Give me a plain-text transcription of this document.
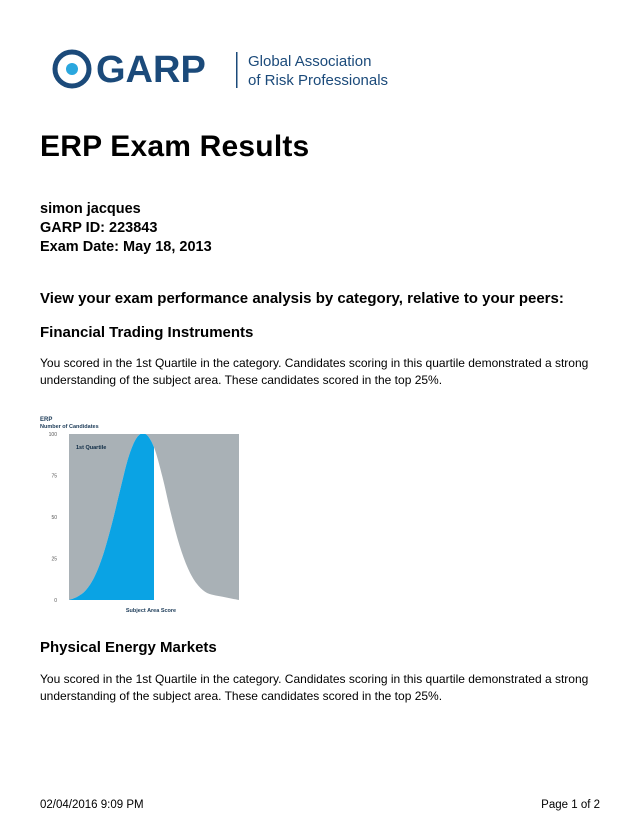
GARP	Global Association
of Risk Professionals
ERP Exam Results
simon jacques
GARP ID: 223843
Exam Date: May 18, 2013
View your exam performance analysis by category, relative to your peers:
Financial Trading Instruments
You scored in the 1st Quartile in the category. Candidates scoring in this quartile demonstrated a strong understanding of the subject area. These candidates scored in the top 25%.
ERP
Number of Candidates
1st Quartile
Subject Area Score
0
25
50
75
100
Physical Energy Markets
You scored in the 1st Quartile in the category. Candidates scoring in this quartile demonstrated a strong understanding of the subject area. These candidates scored in the top 25%.
02/04/2016 9:09 PM	Page 1 of 2
